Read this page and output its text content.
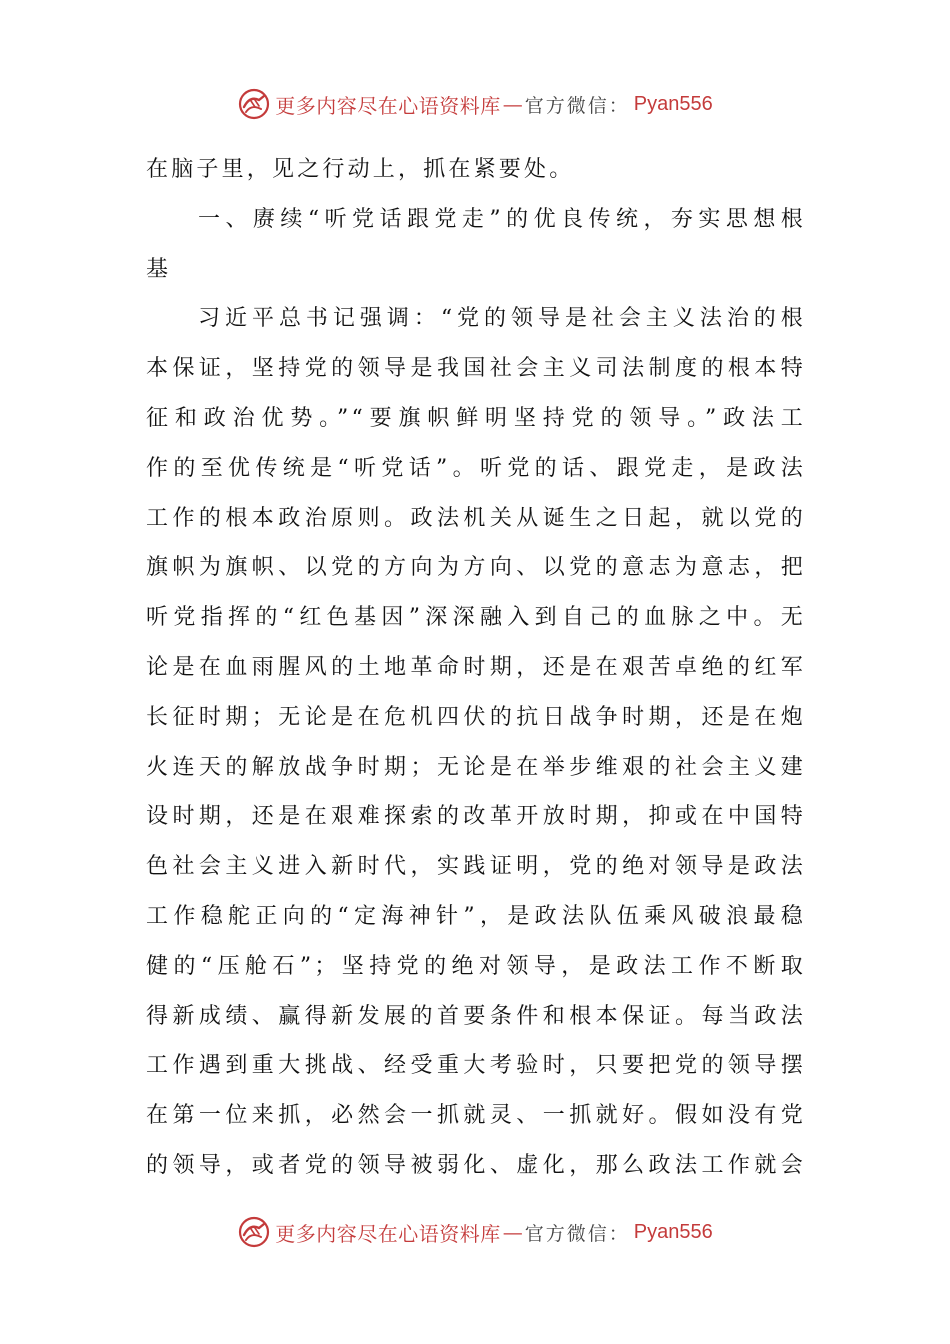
更多内容尽在心语资料库 — 官方微信： Pyan556
在脑子里，见之行动上，抓在紧要处。
一、赓续“听党话跟党走”的优良传统，夯实思想根
基
习近平总书记强调：“党的领导是社会主义法治的根
本保证，坚持党的领导是我国社会主义司法制度的根本特
征和政治优势。”“要旗帜鲜明坚持党的领导。”政法工
作的至优传统是“听党话”。听党的话、跟党走，是政法
工作的根本政治原则。政法机关从诞生之日起，就以党的
旗帜为旗帜、以党的方向为方向、以党的意志为意志，把
听党指挥的“红色基因”深深融入到自己的血脉之中。无
论是在血雨腥风的土地革命时期，还是在艰苦卓绝的红军
长征时期；无论是在危机四伏的抗日战争时期，还是在炮
火连天的解放战争时期；无论是在举步维艰的社会主义建
设时期，还是在艰难探索的改革开放时期，抑或在中国特
色社会主义进入新时代，实践证明，党的绝对领导是政法
工作稳舵正向的“定海神针”，是政法队伍乘风破浪最稳
健的“压舱石”；坚持党的绝对领导，是政法工作不断取
得新成绩、赢得新发展的首要条件和根本保证。每当政法
工作遇到重大挑战、经受重大考验时，只要把党的领导摆
在第一位来抓，必然会一抓就灵、一抓就好。假如没有党
的领导，或者党的领导被弱化、虚化，那么政法工作就会
更多内容尽在心语资料库 — 官方微信： Pyan556
